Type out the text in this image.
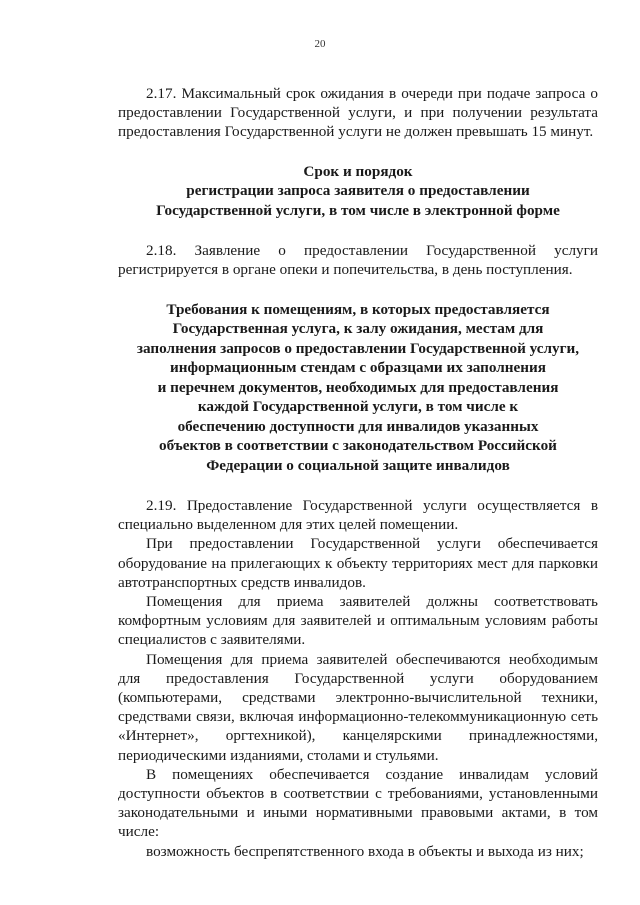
20

2.17. Максимальный срок ожидания в очереди при подаче запроса о предоставлении Государственной услуги, и при получении результата предоставления Государственной услуги не должен превышать 15 минут.

Срок и порядок
регистрации запроса заявителя о предоставлении
Государственной услуги, в том числе в электронной форме

2.18. Заявление о предоставлении Государственной услуги регистрируется в органе опеки и попечительства, в день поступления.

Требования к помещениям, в которых предоставляется
Государственная услуга, к залу ожидания, местам для
заполнения запросов о предоставлении Государственной услуги,
информационным стендам с образцами их заполнения
и перечнем документов, необходимых для предоставления
каждой Государственной услуги, в том числе к
обеспечению доступности для инвалидов указанных
объектов в соответствии с законодательством Российской
Федерации о социальной защите инвалидов

2.19. Предоставление Государственной услуги осуществляется в специально выделенном для этих целей помещении.

При предоставлении Государственной услуги обеспечивается оборудование на прилегающих к объекту территориях мест для парковки автотранспортных средств инвалидов.

Помещения для приема заявителей должны соответствовать комфортным условиям для заявителей и оптимальным условиям работы специалистов с заявителями.

Помещения для приема заявителей обеспечиваются необходимым для предоставления Государственной услуги оборудованием (компьютерами, средствами электронно-вычислительной техники, средствами связи, включая информационно-телекоммуникационную сеть «Интернет», оргтехникой), канцелярскими принадлежностями, периодическими изданиями, столами и стульями.

В помещениях обеспечивается создание инвалидам условий доступности объектов в соответствии с требованиями, установленными законодательными и иными нормативными правовыми актами, в том числе:

возможность беспрепятственного входа в объекты и выхода из них;
